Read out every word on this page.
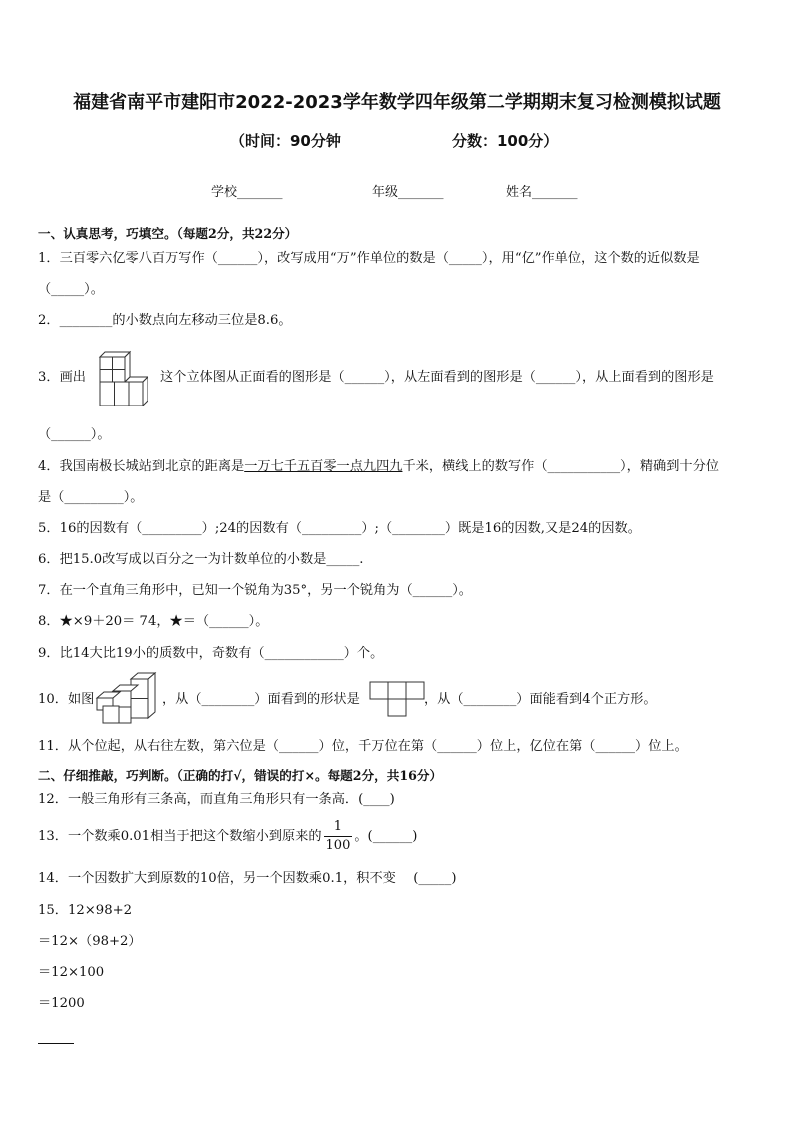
福建省南平市建阳市2022-2023学年数学四年级第二学期期末复习检测模拟试题
（时间：90分钟	分数：100分）
学校_______	年级_______	姓名_______
一、认真思考，巧填空。（每题2分，共22分）
1．三百零六亿零八百万写作（______），改写成用“万”作单位的数是（_____），用“亿”作单位，这个数的近似数是
（_____）。
2．________的小数点向左移动三位是8.6。
3．画出	这个立体图从正面看的图形是（______），从左面看到的图形是（______），从上面看到的图形是
（______）。
4．我国南极长城站到北京的距离是一万七千五百零一点九四九千米，横线上的数写作（___________），精确到十分位
是（_________）。
5．16的因数有（_________）;24的因数有（_________）;（________）既是16的因数,又是24的因数。
6．把15.0改写成以百分之一为计数单位的小数是_____.
7．在一个直角三角形中，已知一个锐角为35°，另一个锐角为（______）。
8．★×9＋20＝ 74，★＝（______）。
9．比14大比19小的质数中，奇数有（____________）个。
10．如图	，从（________）面看到的形状是	，从（________）面能看到4个正方形。
11．从个位起，从右往左数，第六位是（______）位，千万位在第（______）位上，亿位在第（______）位上。
二、仔细推敲，巧判断。（正确的打√，错误的打×。每题2分，共16分）
12．一般三角形有三条高，而直角三角形只有一条高．(____)
13．一个数乘0.01相当于把这个数缩小到原来的 $\frac{1}{100}$ 。(______)
14．一个因数扩大到原数的10倍，另一个因数乘0.1，积不变　 (_____)
15．12×98+2
＝12×（98+2）
＝12×100
＝1200
